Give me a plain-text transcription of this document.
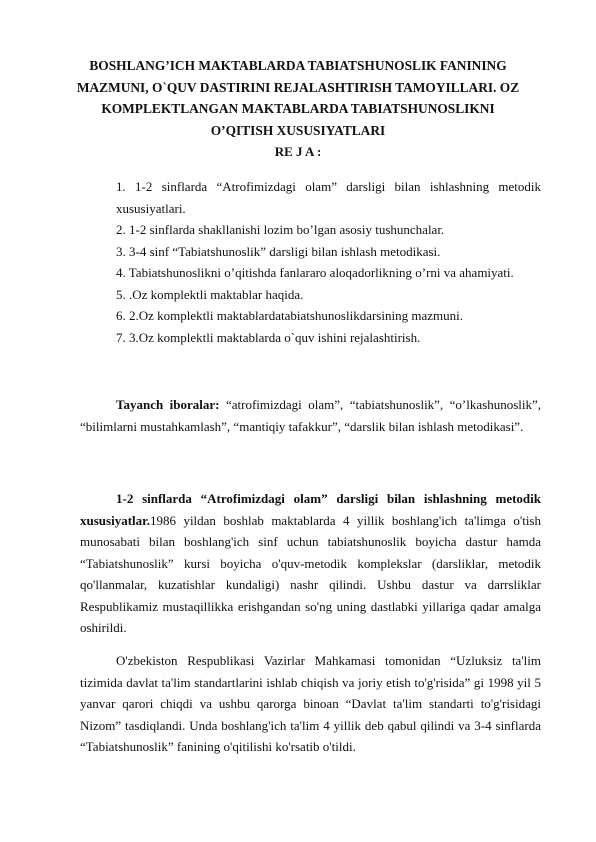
BOSHLANG’ICH MAKTABLARDA TABIATSHUNOSLIK FANINING
MAZMUNI, O`QUV DASTIRINI REJALASHTIRISH TAMOYILLARI. OZ
KOMPLEKTLANGAN MAKTABLARDA TABIATSHUNOSLIKNI
O’QITISH XUSUSIYATLARI
RE J A :
1. 1-2 sinflarda “Atrofimizdagi olam” darsligi bilan ishlashning metodik xususiyatlari.
2. 1-2 sinflarda shakllanishi lozim bo’lgan asosiy tushunchalar.
3. 3-4 sinf “Tabiatshunoslik” darsligi bilan ishlash metodikasi.
4. Tabiatshunoslikni o’qitishda fanlararo aloqadorlikning o’rni va ahamiyati.
5. .Oz komplektli maktablar haqida.
6. 2.Oz komplektli maktablardatabiatshunoslikdarsining mazmuni.
7. 3.Oz komplektli maktablarda o`quv ishini rejalashtirish.
Tayanch iboralar: “atrofimizdagi olam”, “tabiatshunoslik”, “o’lkashunoslik”, “bilimlarni mustahkamlash”, “mantiqiy tafakkur”, “darslik bilan ishlash metodikasi”.
1-2 sinflarda “Atrofimizdagi olam” darsligi bilan ishlashning metodik xususiyatlar.1986 yildan boshlab maktablarda 4 yillik boshlang'ich ta'limga o'tish munosabati bilan boshlang'ich sinf uchun tabiatshunoslik boyicha dastur hamda “Tabiatshunoslik” kursi boyicha o'quv-metodik komplekslar (darsliklar, metodik qo'llanmalar, kuzatishlar kundaligi) nashr qilindi. Ushbu dastur va darrsliklar Respublikamiz mustaqillikka erishgandan so'ng uning dastlabki yillariga qadar amalga oshirildi.
O'zbekiston Respublikasi Vazirlar Mahkamasi tomonidan “Uzluksiz ta'lim tizimida davlat ta'lim standartlarini ishlab chiqish va joriy etish to'g'risida” gi 1998 yil 5 yanvar qarori chiqdi va ushbu qarorga binoan “Davlat ta'lim standarti to'g'risidagi Nizom” tasdiqlandi. Unda boshlang'ich ta'lim 4 yillik deb qabul qilindi va 3-4 sinflarda “Tabiatshunoslik” fanining o'qitilishi ko'rsatib o'tildi.
